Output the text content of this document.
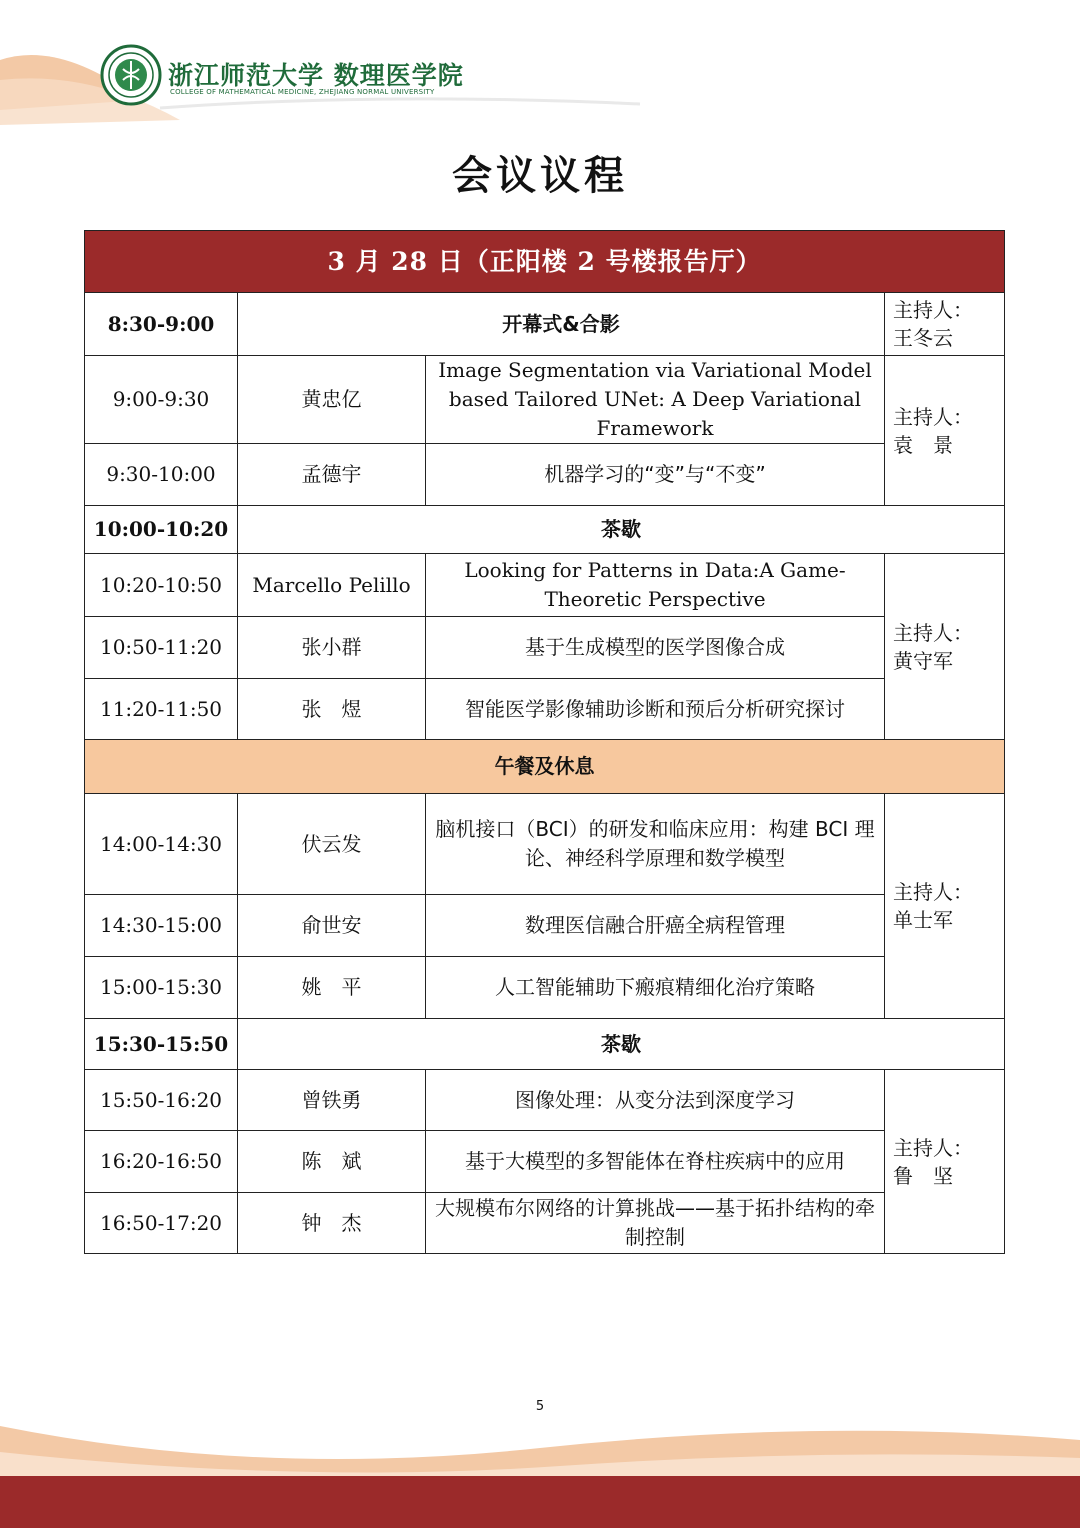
浙江师范大学 数理医学院
COLLEGE OF MATHEMATICAL MEDICINE, ZHEJIANG NORMAL UNIVERSITY
会议议程
3 月 28 日（正阳楼 2 号楼报告厅）			
8:30-9:00	开幕式&合影		主持人：
王冬云

9:00-9:30	黄忠亿	Image Segmentation via Variational Model based Tailored UNet: A Deep Variational Framework	主持人：
袁　景

9:30-10:00	孟德宇	机器学习的“变”与“不变”	
10:00-10:20	茶歇		
10:20-10:50	Marcello Pelillo	Looking for Patterns in Data:A Game-Theoretic Perspective	主持人：
黄守军

10:50-11:20	张小群	基于生成模型的医学图像合成	
11:20-11:50	张　煜	智能医学影像辅助诊断和预后分析研究探讨	
午餐及休息			
14:00-14:30	伏云发	脑机接口（BCI）的研发和临床应用：构建 BCI 理论、神经科学原理和数学模型	主持人：
单士军

14:30-15:00	俞世安	数理医信融合肝癌全病程管理	
15:00-15:30	姚　平	人工智能辅助下瘢痕精细化治疗策略	
15:30-15:50	茶歇		
15:50-16:20	曾铁勇	图像处理：从变分法到深度学习	主持人：
鲁　坚

16:20-16:50	陈　斌	基于大模型的多智能体在脊柱疾病中的应用	
16:50-17:20	钟　杰	大规模布尔网络的计算挑战——基于拓扑结构的牵制控制	
5
